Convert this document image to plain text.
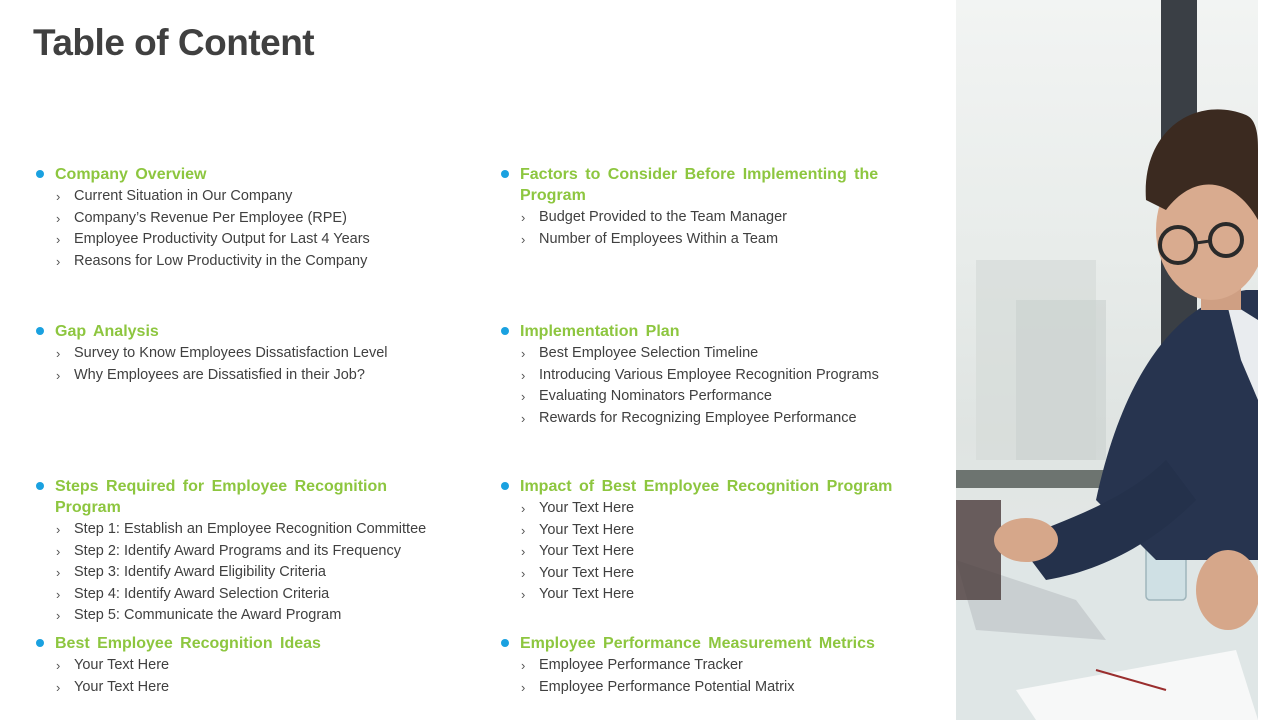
Table of Content
Company Overview
› Current Situation in Our Company
› Company’s Revenue Per Employee (RPE)
› Employee Productivity Output for Last 4 Years
› Reasons for Low Productivity in the Company
Factors to Consider Before Implementing the Program
› Budget Provided to the Team Manager
› Number of Employees Within a Team
Gap Analysis
› Survey to Know Employees Dissatisfaction Level
› Why Employees are Dissatisfied in their Job?
Implementation Plan
› Best Employee Selection Timeline
› Introducing Various Employee Recognition Programs
› Evaluating Nominators Performance
› Rewards for Recognizing Employee Performance
Steps Required for Employee Recognition Program
› Step 1: Establish an Employee Recognition Committee
› Step 2: Identify Award Programs and its Frequency
› Step 3: Identify Award Eligibility Criteria
› Step 4: Identify Award Selection Criteria
› Step 5: Communicate the Award Program
Impact of Best Employee Recognition Program
› Your Text Here
› Your Text Here
› Your Text Here
› Your Text Here
› Your Text Here
Best Employee Recognition Ideas
› Your Text Here
› Your Text Here
Employee Performance Measurement Metrics
› Employee Performance Tracker
› Employee Performance Potential Matrix
